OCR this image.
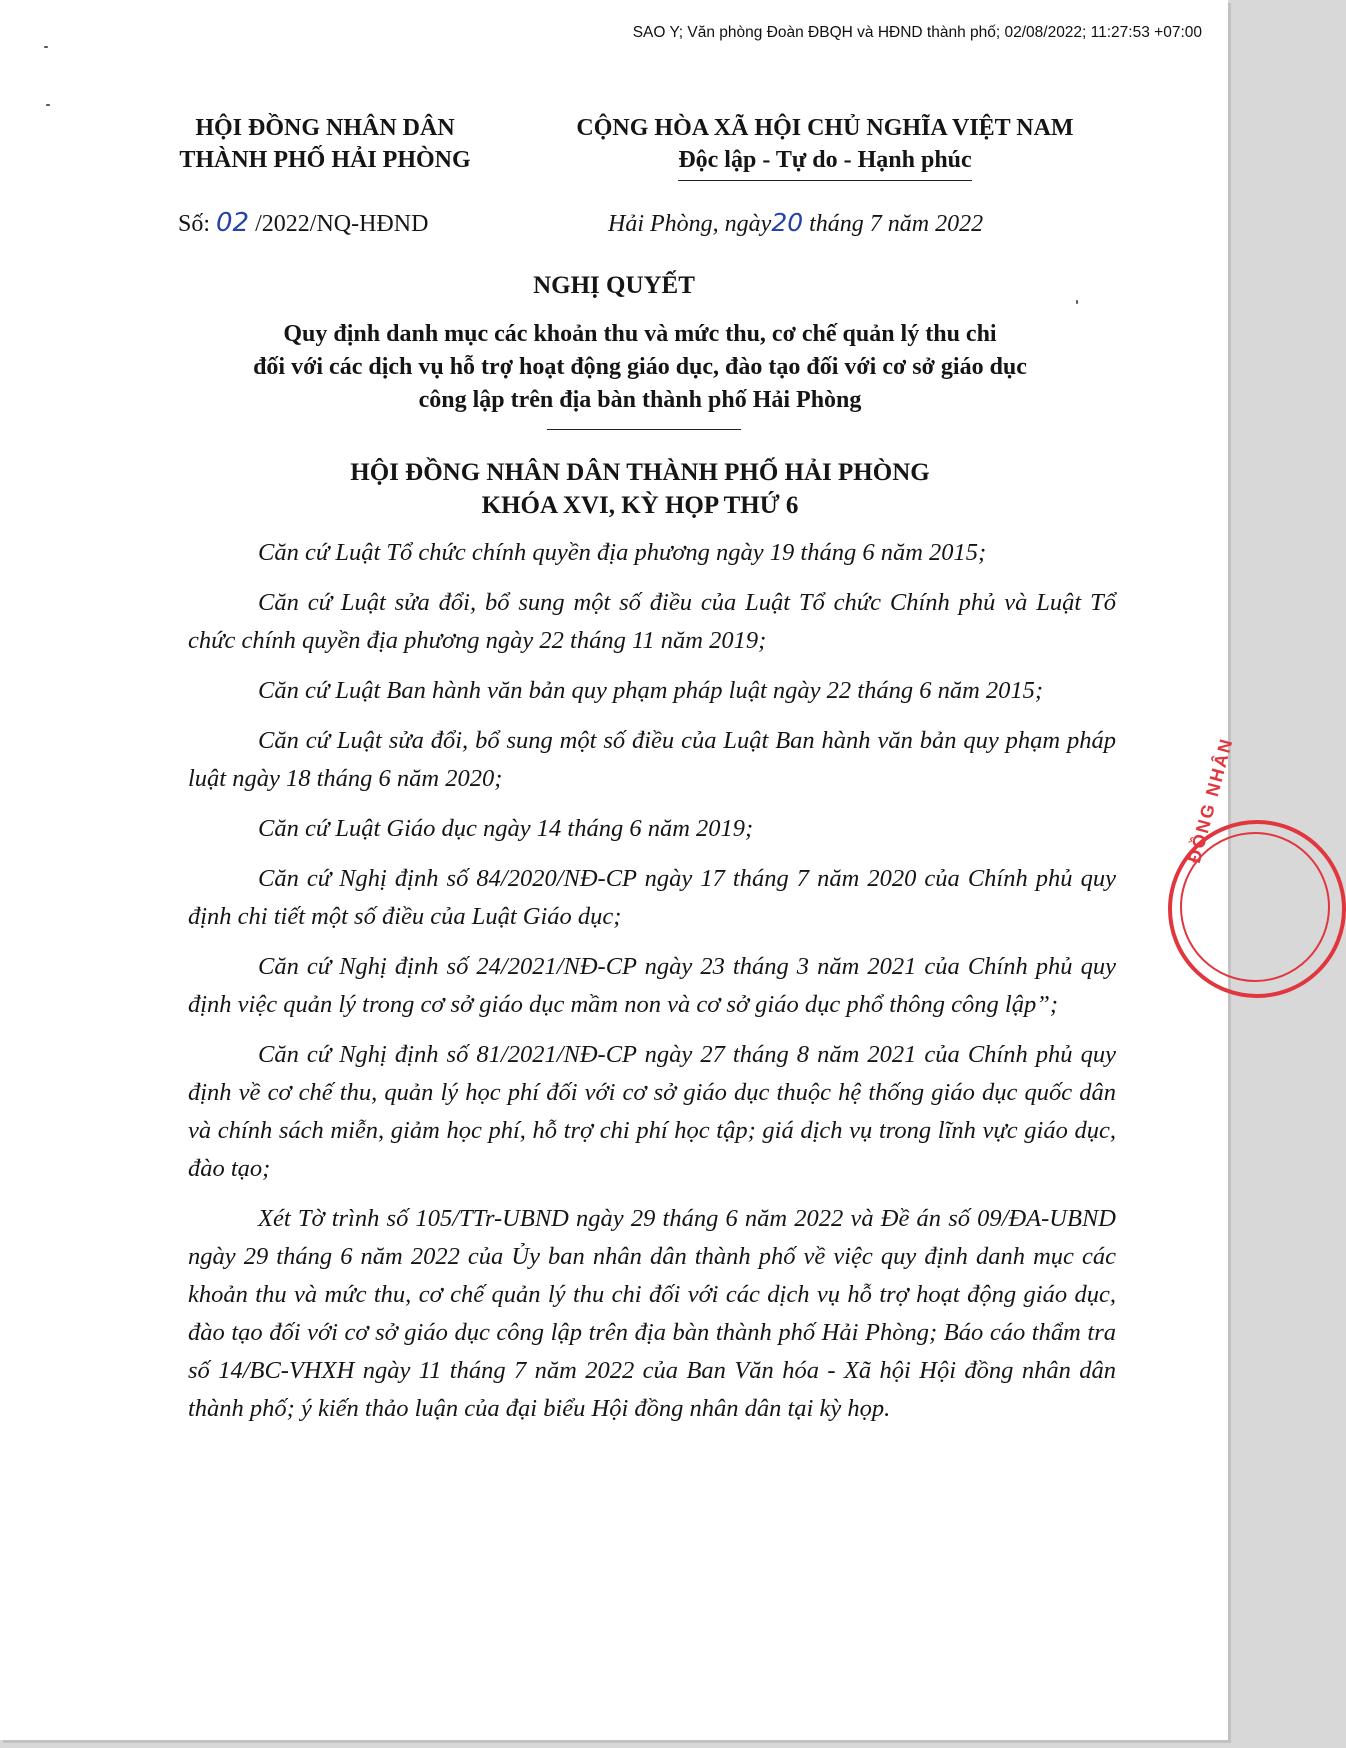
SAO Y; Văn phòng Đoàn ĐBQH và HĐND thành phố; 02/08/2022; 11:27:53 +07:00
HỘI ĐỒNG NHÂN DÂN
THÀNH PHỐ HẢI PHÒNG
CỘNG HÒA XÃ HỘI CHỦ NGHĨA VIỆT NAM
Độc lập - Tự do - Hạnh phúc
Số: 02 /2022/NQ-HĐND	Hải Phòng, ngày20 tháng 7 năm 2022
NGHỊ QUYẾT
Quy định danh mục các khoản thu và mức thu, cơ chế quản lý thu chi
đối với các dịch vụ hỗ trợ hoạt động giáo dục, đào tạo đối với cơ sở giáo dục
công lập trên địa bàn thành phố Hải Phòng
HỘI ĐỒNG NHÂN DÂN THÀNH PHỐ HẢI PHÒNG
KHÓA XVI, KỲ HỌP THỨ 6

Căn cứ Luật Tổ chức chính quyền địa phương ngày 19 tháng 6 năm 2015;

Căn cứ Luật sửa đổi, bổ sung một số điều của Luật Tổ chức Chính phủ và Luật Tổ chức chính quyền địa phương ngày 22 tháng 11 năm 2019;

Căn cứ Luật Ban hành văn bản quy phạm pháp luật ngày 22 tháng 6 năm 2015;

Căn cứ Luật sửa đổi, bổ sung một số điều của Luật Ban hành văn bản quy phạm pháp luật ngày 18 tháng 6 năm 2020;

Căn cứ Luật Giáo dục ngày 14 tháng 6 năm 2019;

Căn cứ Nghị định số 84/2020/NĐ-CP ngày 17 tháng 7 năm 2020 của Chính phủ quy định chi tiết một số điều của Luật Giáo dục;

Căn cứ Nghị định số 24/2021/NĐ-CP ngày 23 tháng 3 năm 2021 của Chính phủ quy định việc quản lý trong cơ sở giáo dục mầm non và cơ sở giáo dục phổ thông công lập”;

Căn cứ Nghị định số 81/2021/NĐ-CP ngày 27 tháng 8 năm 2021 của Chính phủ quy định về cơ chế thu, quản lý học phí đối với cơ sở giáo dục thuộc hệ thống giáo dục quốc dân và chính sách miễn, giảm học phí, hỗ trợ chi phí học tập; giá dịch vụ trong lĩnh vực giáo dục, đào tạo;

Xét Tờ trình số 105/TTr-UBND ngày 29 tháng 6 năm 2022 và Đề án số 09/ĐA-UBND ngày 29 tháng 6 năm 2022 của Ủy ban nhân dân thành phố về việc quy định danh mục các khoản thu và mức thu, cơ chế quản lý thu chi đối với các dịch vụ hỗ trợ hoạt động giáo dục, đào tạo đối với cơ sở giáo dục công lập trên địa bàn thành phố Hải Phòng; Báo cáo thẩm tra số 14/BC-VHXH ngày 11 tháng 7 năm 2022 của Ban Văn hóa - Xã hội Hội đồng nhân dân thành phố; ý kiến thảo luận của đại biểu Hội đồng nhân dân tại kỳ họp.

ĐỒNG NHÂN
